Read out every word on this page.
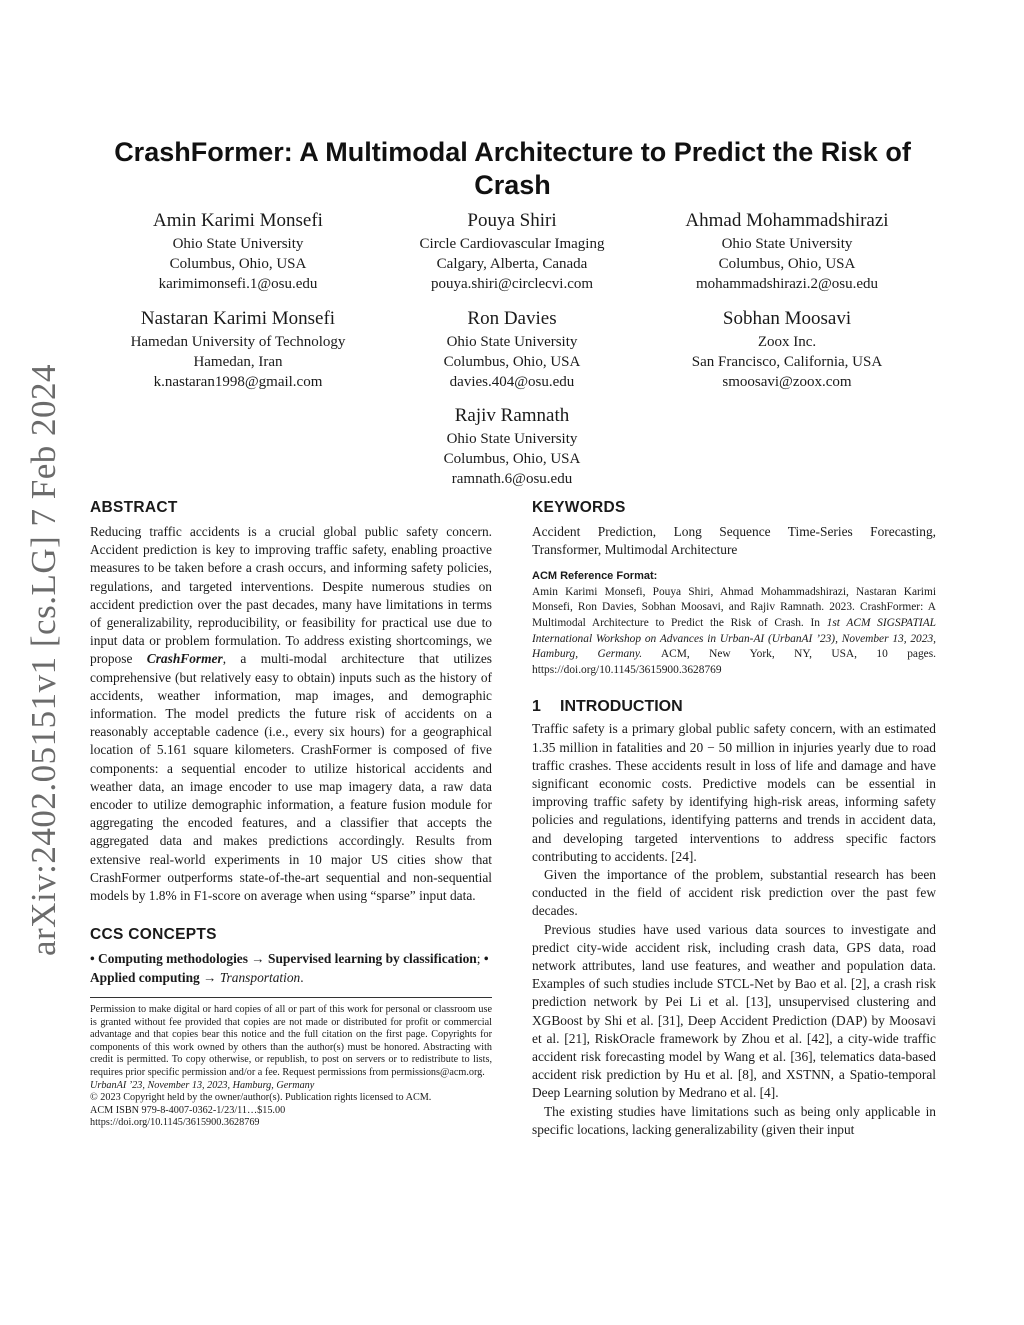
arXiv:2402.05151v1 [cs.LG] 7 Feb 2024
CrashFormer: A Multimodal Architecture to Predict the Risk of Crash
Amin Karimi Monsefi
Ohio State University
Columbus, Ohio, USA
karimimonsefi.1@osu.edu
Pouya Shiri
Circle Cardiovascular Imaging
Calgary, Alberta, Canada
pouya.shiri@circlecvi.com
Ahmad Mohammadshirazi
Ohio State University
Columbus, Ohio, USA
mohammadshirazi.2@osu.edu
Nastaran Karimi Monsefi
Hamedan University of Technology
Hamedan, Iran
k.nastaran1998@gmail.com
Ron Davies
Ohio State University
Columbus, Ohio, USA
davies.404@osu.edu
Sobhan Moosavi
Zoox Inc.
San Francisco, California, USA
smoosavi@zoox.com
Rajiv Ramnath
Ohio State University
Columbus, Ohio, USA
ramnath.6@osu.edu
ABSTRACT

Reducing traffic accidents is a crucial global public safety concern. Accident prediction is key to improving traffic safety, enabling proactive measures to be taken before a crash occurs, and informing safety policies, regulations, and targeted interventions. Despite numerous studies on accident prediction over the past decades, many have limitations in terms of generalizability, reproducibility, or feasibility for practical use due to input data or problem formulation. To address existing shortcomings, we propose CrashFormer, a multi-modal architecture that utilizes comprehensive (but relatively easy to obtain) inputs such as the history of accidents, weather information, map images, and demographic information. The model predicts the future risk of accidents on a reasonably acceptable cadence (i.e., every six hours) for a geographical location of 5.161 square kilometers. CrashFormer is composed of five components: a sequential encoder to utilize historical accidents and weather data, an image encoder to use map imagery data, a raw data encoder to utilize demographic information, a feature fusion module for aggregating the encoded features, and a classifier that accepts the aggregated data and makes predictions accordingly. Results from extensive real-world experiments in 10 major US cities show that CrashFormer outperforms state-of-the-art sequential and non-sequential models by 1.8% in F1-score on average when using “sparse” input data.

CCS CONCEPTS

• Computing methodologies → Supervised learning by classification; • Applied computing → Transportation.

Permission to make digital or hard copies of all or part of this work for personal or classroom use is granted without fee provided that copies are not made or distributed for profit or commercial advantage and that copies bear this notice and the full citation on the first page. Copyrights for components of this work owned by others than the author(s) must be honored. Abstracting with credit is permitted. To copy otherwise, or republish, to post on servers or to redistribute to lists, requires prior specific permission and/or a fee. Request permissions from permissions@acm.org.

UrbanAI ’23, November 13, 2023, Hamburg, Germany

© 2023 Copyright held by the owner/author(s). Publication rights licensed to ACM.

ACM ISBN 979-8-4007-0362-1/23/11…$15.00

https://doi.org/10.1145/3615900.3628769

KEYWORDS

Accident Prediction, Long Sequence Time-Series Forecasting, Transformer, Multimodal Architecture

ACM Reference Format:

Amin Karimi Monsefi, Pouya Shiri, Ahmad Mohammadshirazi, Nastaran Karimi Monsefi, Ron Davies, Sobhan Moosavi, and Rajiv Ramnath. 2023. CrashFormer: A Multimodal Architecture to Predict the Risk of Crash. In 1st ACM SIGSPATIAL International Workshop on Advances in Urban-AI (UrbanAI ’23), November 13, 2023, Hamburg, Germany. ACM, New York, NY, USA, 10 pages. https://doi.org/10.1145/3615900.3628769

1 INTRODUCTION

Traffic safety is a primary global public safety concern, with an estimated 1.35 million in fatalities and 20 − 50 million in injuries yearly due to road traffic crashes. These accidents result in loss of life and damage and have significant economic costs. Predictive models can be essential in improving traffic safety by identifying high-risk areas, informing safety policies and regulations, identifying patterns and trends in accident data, and developing targeted interventions to address specific factors contributing to accidents. [24].

Given the importance of the problem, substantial research has been conducted in the field of accident risk prediction over the past few decades.

Previous studies have used various data sources to investigate and predict city-wide accident risk, including crash data, GPS data, road network attributes, land use features, and weather and population data. Examples of such studies include STCL-Net by Bao et al. [2], a crash risk prediction network by Pei Li et al. [13], unsupervised clustering and XGBoost by Shi et al. [31], Deep Accident Prediction (DAP) by Moosavi et al. [21], RiskOracle framework by Zhou et al. [42], a city-wide traffic accident risk forecasting model by Wang et al. [36], telematics data-based accident risk prediction by Hu et al. [8], and XSTNN, a Spatio-temporal Deep Learning solution by Medrano et al. [4].

The existing studies have limitations such as being only applicable in specific locations, lacking generalizability (given their input
